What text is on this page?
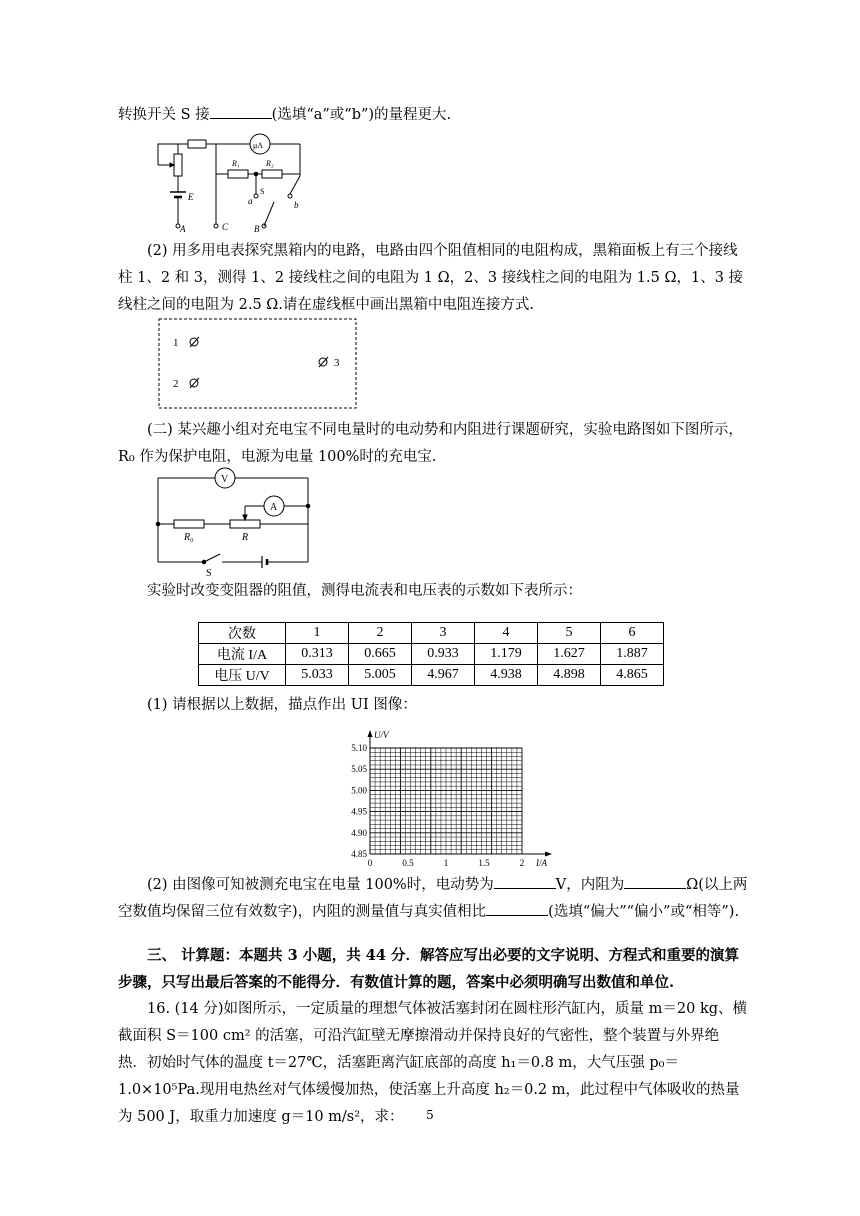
转换开关 S 接	(选填“a”或“b”)的量程更大.

μA
R₁	R₂
S
E	a	b
A	B
C

(2) 用多用电表探究黑箱内的电路，电路由四个阻值相同的电阻构成，黑箱面板上有三个接线柱 1、2 和 3，测得 1、2 接线柱之间的电阻为 1 Ω，2、3 接线柱之间的电阻为 1.5 Ω，1、3 接线柱之间的电阻为 2.5 Ω.请在虚线框中画出黑箱中电阻连接方式.

1
2
3

(二) 某兴趣小组对充电宝不同电量时的电动势和内阻进行课题研究，实验电路图如下图所示，R₀ 作为保护电阻，电源为电量 100%时的充电宝.

V
A
R₀	R
S

实验时改变变阻器的阻值，测得电流表和电压表的示数如下表所示：

次数	1	2	3	4	5	6
电流 I/A	0.313	0.665	0.933	1.179	1.627	1.887
电压 U/V	5.033	5.005	4.967	4.938	4.898	4.865

(1) 请根据以上数据，描点作出 UI 图像：

5.10
5.05
5.00
4.95
4.90
4.85
0	0.5	1	1.5	2
U/V
I/A

(2) 由图像可知被测充电宝在电量 100%时，电动势为	V，内阻为	Ω(以上两空数值均保留三位有效数字)，内阻的测量值与真实值相比	(选填“偏大”“偏小”或“相等”).

三、 计算题：本题共 3 小题，共 44 分．解答应写出必要的文字说明、方程式和重要的演算步骤，只写出最后答案的不能得分．有数值计算的题，答案中必须明确写出数值和单位.

16. (14 分)如图所示，一定质量的理想气体被活塞封闭在圆柱形汽缸内，质量 m＝20 kg、横截面积 S＝100 cm² 的活塞，可沿汽缸壁无摩擦滑动并保持良好的气密性，整个装置与外界绝热．初始时气体的温度 t＝27℃，活塞距离汽缸底部的高度 h₁＝0.8 m，大气压强 p₀＝1.0×10⁵Pa.现用电热丝对气体缓慢加热，使活塞上升高度 h₂＝0.2 m，此过程中气体吸收的热量为 500 J，取重力加速度 g＝10 m/s²，求：	5
